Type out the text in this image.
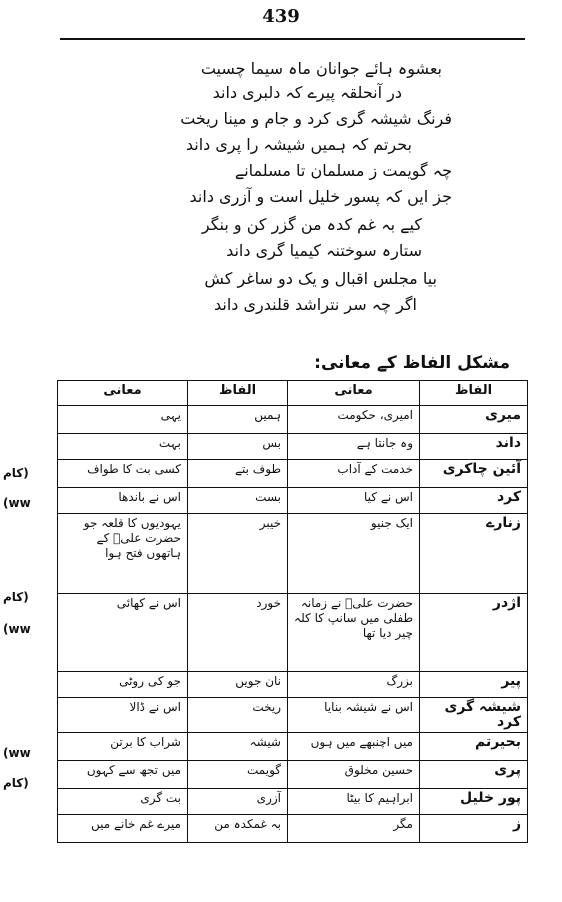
439
بعشوہ ہائے جوانان ماہ سیما چسیت
در آنحلقہ پیرے کہ دلبری داند
فرنگ شیشہ گری کرد و جام و مینا ریخت
بحرتم کہ ہمیں شیشہ را پری داند
چہ گویمت ز مسلمان تا مسلمانے
جز ایں کہ پسور خلیل است و آزری داند
کیے بہ غم کدہ من گزر کن و بنگر
ستارہ سوختنہ کیمیا گری داند
بیا مجلس اقبال و یک دو ساغر کش
اگر چہ سر نتراشد قلندری داند
مشکل الفاظ کے معانی:
الفاظ	معانی	الفاظ	معانی
میری	امیری، حکومت	ہمیں	یہی
داند	وہ جانتا ہے	بس	بہت
آئین چاکری	خدمت کے آداب	طوف بتے	کسی بت کا طواف
کرد	اس نے کیا	بست	اس نے باندھا
زنارے	ایک جنیو	خیبر	یہودیوں کا قلعہ جو حضرت علیؓ کے ہاتھوں فتح ہوا
اژدر	حضرت علیؓ نے زمانہ طفلی میں سانپ کا کلہ چیر دیا تھا	خورد	اس نے کھائی
پیر	بزرگ	نان جویں	جو کی روٹی
شیشہ گری کرد	اس نے شیشہ بنایا	ریخت	اس نے ڈالا
بحیرتم	میں اچنبھے میں ہوں	شیشہ	شراب کا برتن
پری	حسین مخلوق	گویمت	میں تجھ سے کہوں
پور خلیل	ابراہیم کا بیٹا	آزری	بت گری
ز	مگر	بہ غمکدہ من	میرے غم خانے میں
کام)
(ww
کام)
(ww
(ww
کام)
